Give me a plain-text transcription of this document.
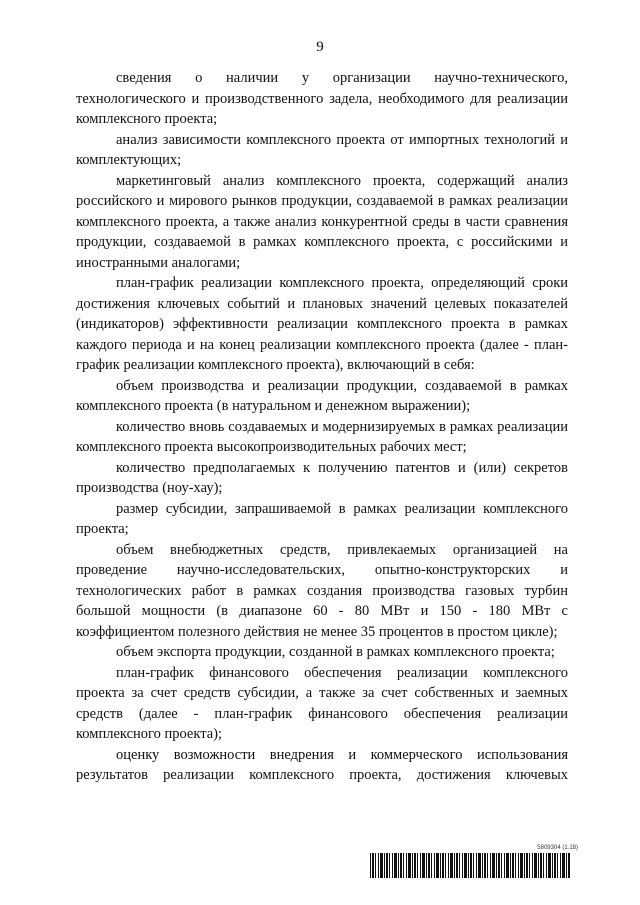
9

сведения о наличии у организации научно-технического, технологического и производственного задела, необходимого для реализации комплексного проекта;

анализ зависимости комплексного проекта от импортных технологий и комплектующих;

маркетинговый анализ комплексного проекта, содержащий анализ российского и мирового рынков продукции, создаваемой в рамках реализации комплексного проекта, а также анализ конкурентной среды в части сравнения продукции, создаваемой в рамках комплексного проекта, с российскими и иностранными аналогами;

план-график реализации комплексного проекта, определяющий сроки достижения ключевых событий и плановых значений целевых показателей (индикаторов) эффективности реализации комплексного проекта в рамках каждого периода и на конец реализации комплексного проекта (далее - план-график реализации комплексного проекта), включающий в себя:

объем производства и реализации продукции, создаваемой в рамках комплексного проекта (в натуральном и денежном выражении);

количество вновь создаваемых и модернизируемых в рамках реализации комплексного проекта высокопроизводительных рабочих мест;

количество предполагаемых к получению патентов и (или) секретов производства (ноу-хау);

размер субсидии, запрашиваемой в рамках реализации комплексного проекта;

объем внебюджетных средств, привлекаемых организацией на проведение научно-исследовательских, опытно-конструкторских и технологических работ в рамках создания производства газовых турбин большой мощности (в диапазоне 60 - 80 МВт и 150 - 180 МВт с коэффициентом полезного действия не менее 35 процентов в простом цикле);

объем экспорта продукции, созданной в рамках комплексного проекта;

план-график финансового обеспечения реализации комплексного проекта за счет средств субсидии, а также за счет собственных и заемных средств (далее - план-график финансового обеспечения реализации комплексного проекта);

оценку возможности внедрения и коммерческого использования результатов реализации комплексного проекта, достижения ключевых

5809304 (1.18)
